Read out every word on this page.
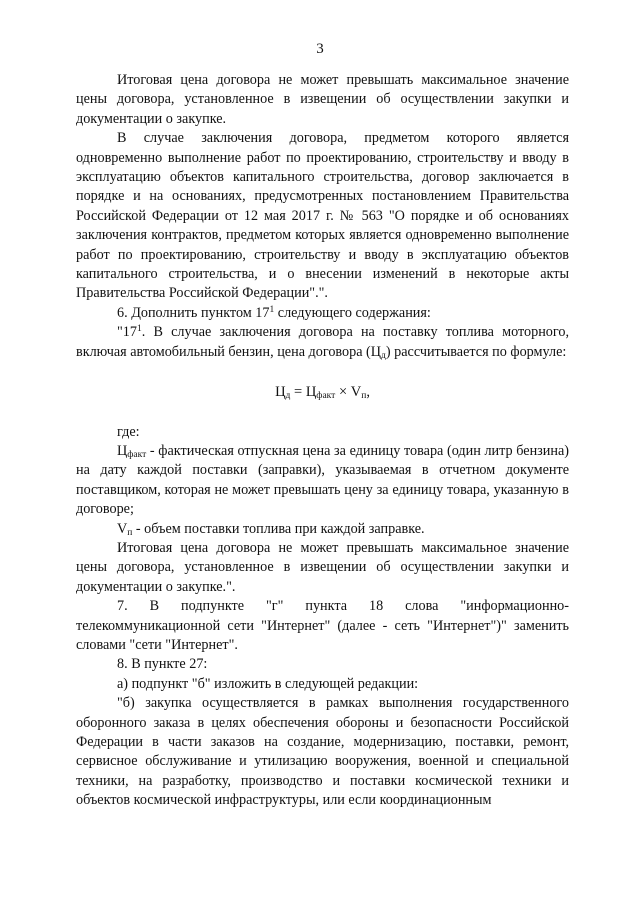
3

Итоговая цена договора не может превышать максимальное значение цены договора, установленное в извещении об осуществлении закупки и документации о закупке.

В случае заключения договора, предметом которого является одновременно выполнение работ по проектированию, строительству и вводу в эксплуатацию объектов капитального строительства, договор заключается в порядке и на основаниях, предусмотренных постановлением Правительства Российской Федерации от 12 мая 2017 г. № 563 "О порядке и об основаниях заключения контрактов, предметом которых является одновременно выполнение работ по проектированию, строительству и вводу в эксплуатацию объектов капитального строительства, и о внесении изменений в некоторые акты Правительства Российской Федерации".".

6. Дополнить пунктом $17^1$ следующего содержания:

"$17^1$. В случае заключения договора на поставку топлива моторного, включая автомобильный бензин, цена договора $(Ц_д)$ рассчитывается по формуле:

$Ц_д = Ц_{факт} \times V_п$,

где:

$Ц_{факт}$ - фактическая отпускная цена за единицу товара (один литр бензина) на дату каждой поставки (заправки), указываемая в отчетном документе поставщиком, которая не может превышать цену за единицу товара, указанную в договоре;

$V_п$ - объем поставки топлива при каждой заправке.

Итоговая цена договора не может превышать максимальное значение цены договора, установленное в извещении об осуществлении закупки и документации о закупке.".

7. В подпункте "г" пункта 18 слова "информационно-телекоммуникационной сети "Интернет" (далее - сеть "Интернет")" заменить словами "сети "Интернет".

8. В пункте 27:

а) подпункт "б" изложить в следующей редакции:

"б) закупка осуществляется в рамках выполнения государственного оборонного заказа в целях обеспечения обороны и безопасности Российской Федерации в части заказов на создание, модернизацию, поставки, ремонт, сервисное обслуживание и утилизацию вооружения, военной и специальной техники, на разработку, производство и поставки космической техники и объектов космической инфраструктуры, или если координационным
